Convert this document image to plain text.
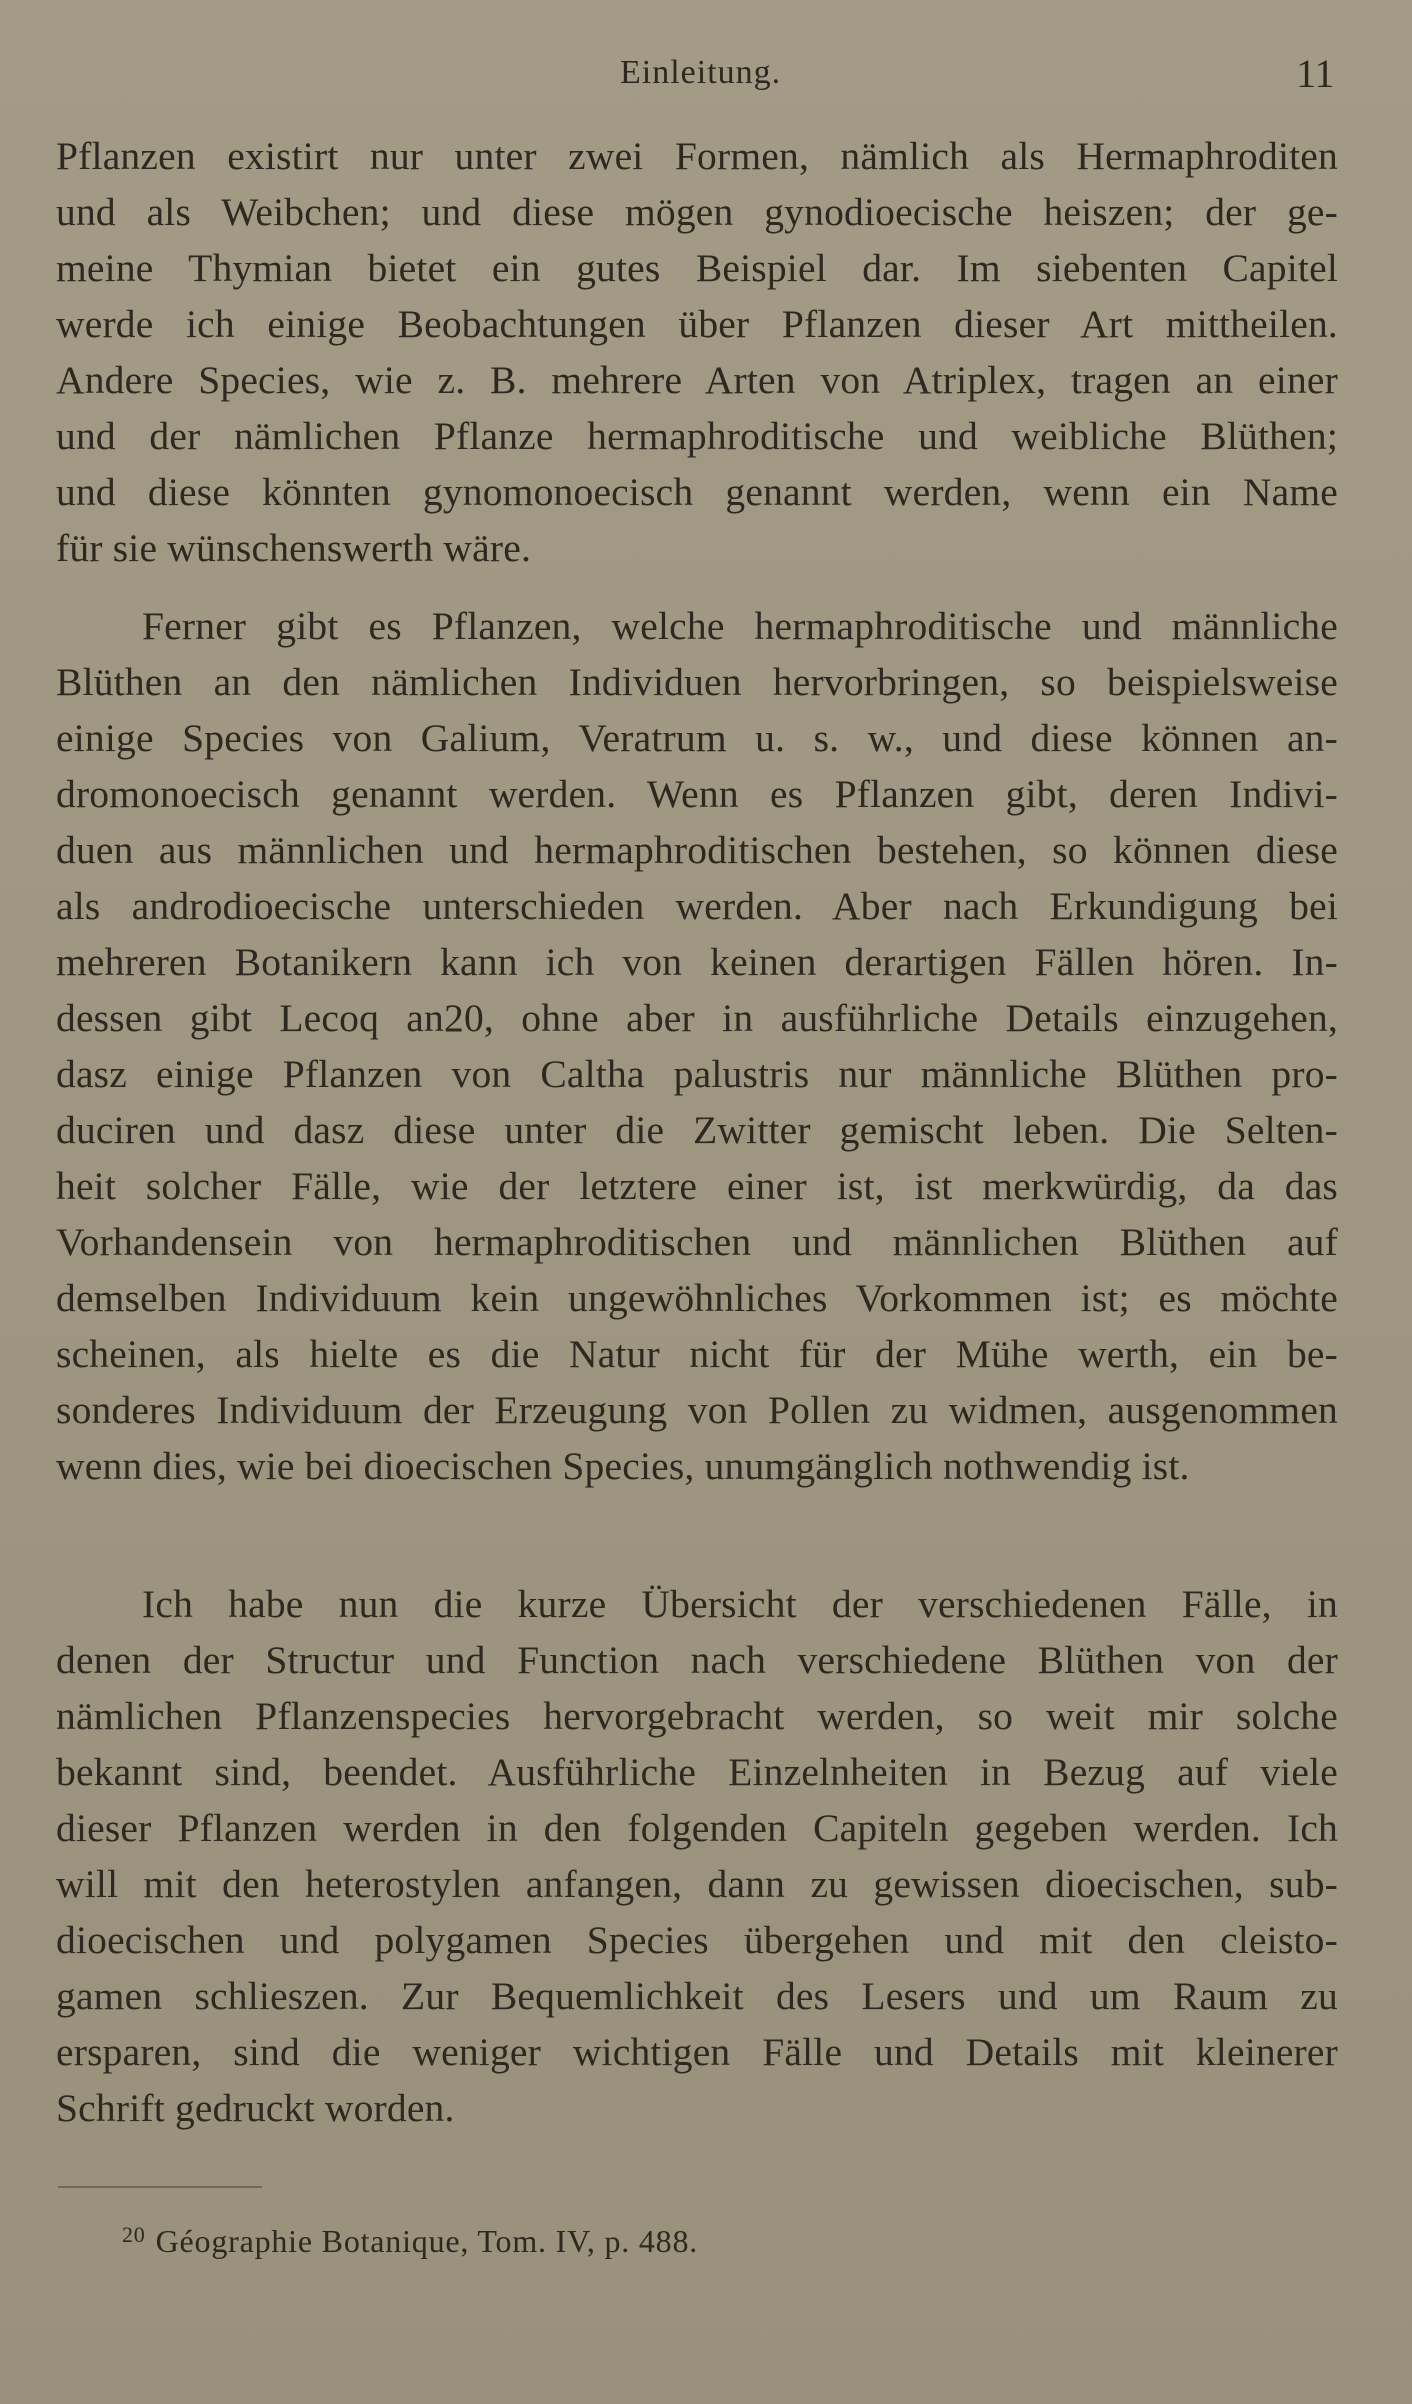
Einleitung.	11
Pflanzen existirt nur unter zwei Formen, nämlich als Hermaphroditen
und als Weibchen; und diese mögen gynodioecische heiszen; der ge-
meine Thymian bietet ein gutes Beispiel dar. Im siebenten Capitel
werde ich einige Beobachtungen über Pflanzen dieser Art mittheilen.
Andere Species, wie z. B. mehrere Arten von Atriplex, tragen an einer
und der nämlichen Pflanze hermaphroditische und weibliche Blüthen;
und diese könnten gynomonoecisch genannt werden, wenn ein Name
für sie wünschenswerth wäre.
Ferner gibt es Pflanzen, welche hermaphroditische und männliche
Blüthen an den nämlichen Individuen hervorbringen, so beispielsweise
einige Species von Galium, Veratrum u. s. w., und diese können an-
dromonoecisch genannt werden. Wenn es Pflanzen gibt, deren Indivi-
duen aus männlichen und hermaphroditischen bestehen, so können diese
als androdioecische unterschieden werden. Aber nach Erkundigung bei
mehreren Botanikern kann ich von keinen derartigen Fällen hören. In-
dessen gibt Lecoq an20, ohne aber in ausführliche Details einzugehen,
dasz einige Pflanzen von Caltha palustris nur männliche Blüthen pro-
duciren und dasz diese unter die Zwitter gemischt leben. Die Selten-
heit solcher Fälle, wie der letztere einer ist, ist merkwürdig, da das
Vorhandensein von hermaphroditischen und männlichen Blüthen auf
demselben Individuum kein ungewöhnliches Vorkommen ist; es möchte
scheinen, als hielte es die Natur nicht für der Mühe werth, ein be-
sonderes Individuum der Erzeugung von Pollen zu widmen, ausgenommen
wenn dies, wie bei dioecischen Species, unumgänglich nothwendig ist.
Ich habe nun die kurze Übersicht der verschiedenen Fälle, in
denen der Structur und Function nach verschiedene Blüthen von der
nämlichen Pflanzenspecies hervorgebracht werden, so weit mir solche
bekannt sind, beendet. Ausführliche Einzelnheiten in Bezug auf viele
dieser Pflanzen werden in den folgenden Capiteln gegeben werden. Ich
will mit den heterostylen anfangen, dann zu gewissen dioecischen, sub-
dioecischen und polygamen Species übergehen und mit den cleisto-
gamen schlieszen. Zur Bequemlichkeit des Lesers und um Raum zu
ersparen, sind die weniger wichtigen Fälle und Details mit kleinerer
Schrift gedruckt worden.
$^{20}$ Géographie Botanique, Tom. IV, p. 488.
